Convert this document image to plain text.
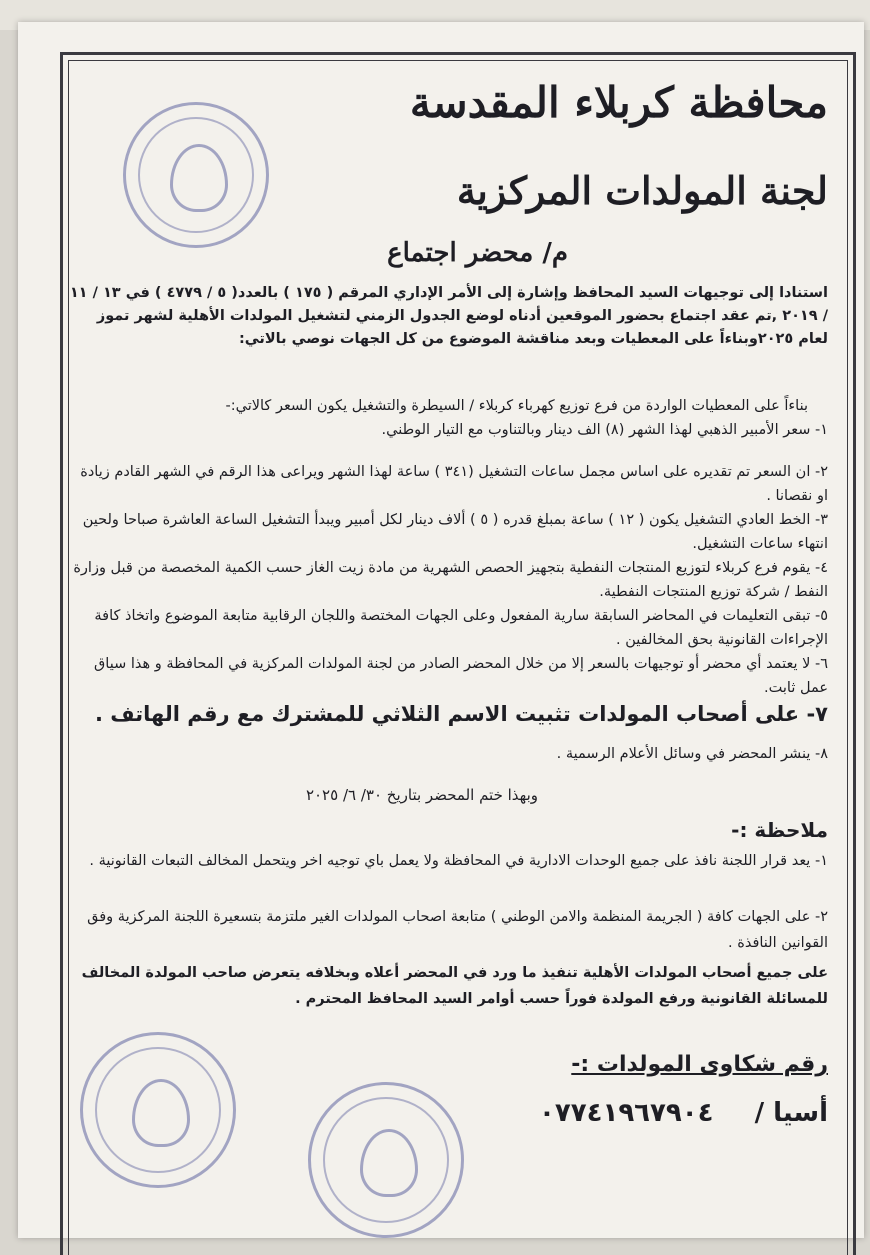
محافظة كربلاء المقدسة
لجنة المولدات المركزية
م/ محضر اجتماع
استنادا إلى توجيهات السيد المحافظ وإشارة إلى الأمر الإداري المرقم ( ١٧٥ ) بالعدد( ٥ / ٤٧٧٩ ) في ١٣ / ١١ / ٢٠١٩ ,تم عقد اجتماع بحضور الموقعين أدناه لوضع الجدول الزمني لتشغيل المولدات الأهلية لشهر تموز لعام ٢٠٢٥وبناءاً على المعطيات وبعد مناقشة الموضوع من كل الجهات نوصي بالاتي:
بناءاً على المعطيات الواردة من فرع توزيع كهرباء كربلاء / السيطرة والتشغيل يكون السعر كالاتي:-
١- سعر الأمبير الذهبي لهذا الشهر (٨) الف دينار وبالتناوب مع التيار الوطني.
٢- ان السعر تم تقديره على اساس مجمل ساعات التشغيل (٣٤١ ) ساعة لهذا الشهر ويراعى هذا الرقم في الشهر القادم زيادة او نقصانا .
٣- الخط العادي التشغيل يكون ( ١٢ ) ساعة بمبلغ قدره ( ٥ ) ألاف دينار لكل أمبير ويبدأ التشغيل الساعة العاشرة صباحا ولحين انتهاء ساعات التشغيل.
٤- يقوم فرع كربلاء لتوزيع المنتجات النفطية بتجهيز الحصص الشهرية من مادة زيت الغاز حسب الكمية المخصصة من قبل وزارة النفط / شركة توزيع المنتجات النفطية.
٥- تبقى التعليمات في المحاضر السابقة سارية المفعول وعلى الجهات المختصة واللجان الرقابية متابعة الموضوع واتخاذ كافة الإجراءات القانونية بحق المخالفين .
٦- لا يعتمد أي محضر أو توجيهات بالسعر إلا من خلال المحضر الصادر من لجنة المولدات المركزية في المحافظة و هذا سياق عمل ثابت.
٧- على أصحاب المولدات تثبيت الاسم الثلاثي للمشترك مع رقم الهاتف .
٨- ينشر المحضر في وسائل الأعلام الرسمية .
وبهذا ختم المحضر بتاريخ ٣٠/ ٦/ ٢٠٢٥
ملاحظة :-
١- يعد قرار اللجنة نافذ على جميع الوحدات الادارية في المحافظة ولا يعمل باي توجيه اخر ويتحمل المخالف التبعات القانونية .
٢- على الجهات كافة ( الجريمة المنظمة والامن الوطني ) متابعة اصحاب المولدات الغير ملتزمة بتسعيرة اللجنة المركزية وفق القوانين النافذة .
على جميع أصحاب المولدات الأهلية تنفيذ ما ورد في المحضر أعلاه وبخلافه يتعرض صاحب المولدة المخالف للمسائلة القانونية ورفع المولدة فوراً حسب أوامر السيد المحافظ المحترم .
رقم شكاوى المولدات :-
أسيا / ٠٧٧٤١٩٦٧٩٠٤
